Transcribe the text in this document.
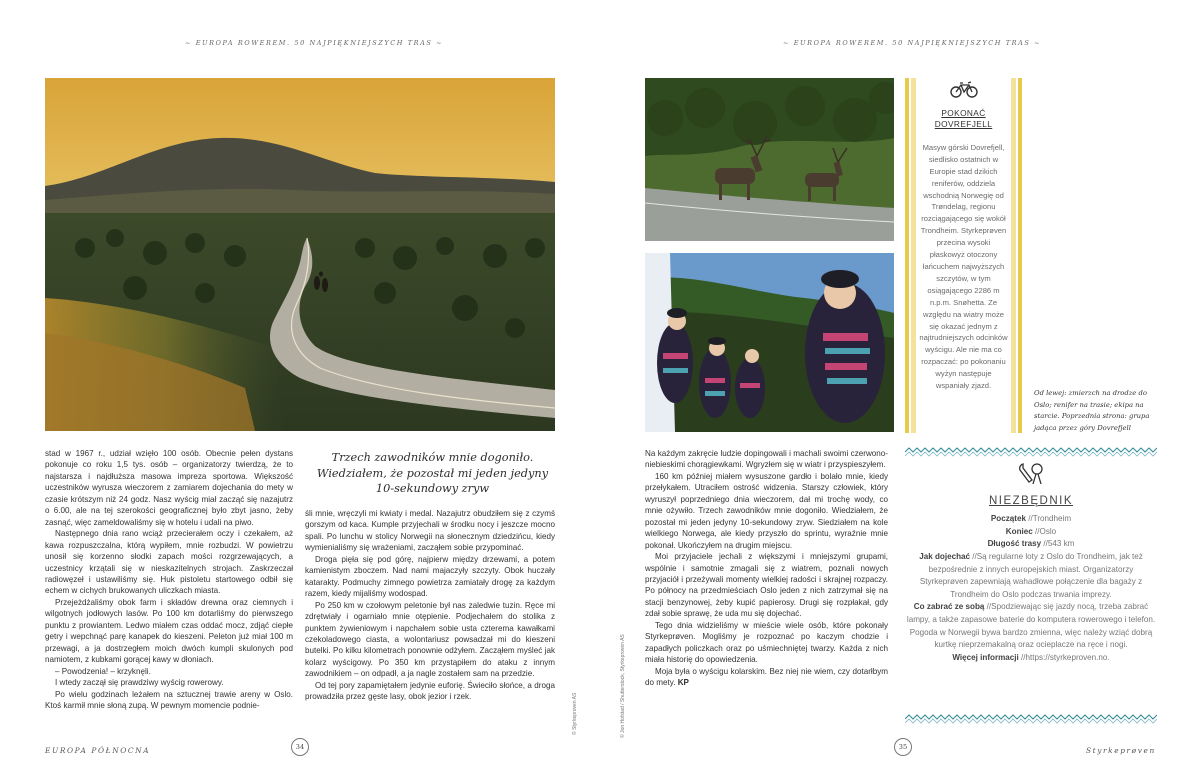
~ EUROPA ROWEREM. 50 NAJPIĘKNIEJSZYCH TRAS ~

stad w 1967 r., udział wzięło 100 osób. Obecnie pełen dystans pokonuje co roku 1,5 tys. osób – organizatorzy twierdzą, że to najstarsza i najdłuższa masowa impreza sportowa. Większość uczestników wyrusza wieczorem z zamiarem dojechania do mety w czasie krótszym niż 24 godz. Nasz wyścig miał zacząć się nazajutrz o 6.00, ale na tej szerokości geograficznej było zbyt jasno, żeby zasnąć, więc zameldowaliśmy się w hotelu i udali na piwo.

Następnego dnia rano wciąż przecierałem oczy i czekałem, aż kawa rozpuszczalna, którą wypiłem, mnie rozbudzi. W powietrzu unosił się korzenno słodki zapach mości rozgrzewających, a uczestnicy krzątali się w nieskazitelnych strojach. Zaskrzeczał radiowęzeł i ustawiliśmy się. Huk pistoletu startowego odbił się echem w cichych brukowanych uliczkach miasta.

Przejeżdżaliśmy obok farm i składów drewna oraz ciemnych i wilgotnych jodłowych lasów. Po 100 km dotarliśmy do pierwszego punktu z prowiantem. Ledwo miałem czas oddać mocz, zdjąć ciepłe getry i wepchnąć parę kanapek do kieszeni. Peleton już miał 100 m przewagi, a ja dostrzegłem moich dwóch kumpli skulonych pod namiotem, z kubkami gorącej kawy w dłoniach.

– Powodzenia! – krzyknęli.

I wtedy zaczął się prawdziwy wyścig rowerowy.

Po wielu godzinach leżałem na sztucznej trawie areny w Oslo. Ktoś karmił mnie słoną zupą. W pewnym momencie podnie-

Trzech zawodników mnie dogoniło. Wiedziałem, że pozostał mi jeden jedyny 10-sekundowy zryw

śli mnie, wręczyli mi kwiaty i medal. Nazajutrz obudziłem się z czymś gorszym od kaca. Kumple przyjechali w środku nocy i jeszcze mocno spali. Po lunchu w stolicy Norwegii na słonecznym dziedzińcu, kiedy wymienialiśmy się wrażeniami, zacząłem sobie przypominać.

Droga pięła się pod górę, najpierw między drzewami, a potem kamienistym zboczem. Nad nami majaczyły szczyty. Obok huczały katarakty. Podmuchy zimnego powietrza zamiatały drogę za każdym razem, kiedy mijaliśmy wodospad.

Po 250 km w czołowym peletonie był nas zaledwie tuzin. Ręce mi zdrętwiały i ogarniało mnie otępienie. Podjechałem do stolika z punktem żywieniowym i napchałem sobie usta czterema kawałkami czekoladowego ciasta, a wolontariusz powsadzał mi do kieszeni butelki. Po kilku kilometrach ponownie odżyłem. Zacząłem myśleć jak kolarz wyścigowy. Po 350 km przystąpiłem do ataku z innym zawodnikiem – on odpadł, a ja nagle zostałem sam na przedzie.

Od tej pory zapamiętałem jedynie euforię. Świeciło słońce, a droga prowadziła przez gęste lasy, obok jezior i rzek.	© Styrkeproven AS
EUROPA PÓŁNOCNA	34
~ EUROPA ROWEREM. 50 NAJPIĘKNIEJSZYCH TRAS ~
POKONAĆ
DOVREFJELL
Masyw górski Dovrefjell, siedlisko ostatnich w Europie stad dzikich reniferów, oddziela wschodnią Norwegię od Trøndelag, regionu rozciągającego się wokół Trondheim. Styrkeprøven przecina wysoki płaskowyż otoczony łańcuchem najwyższych szczytów, w tym osiągającego 2286 m n.p.m. Snøhetta. Ze względu na wiatry może się okazać jednym z najtrudniejszych odcinków wyścigu. Ale nie ma co rozpaczać: po pokonaniu wyżyn następuje wspaniały zjazd.
Od lewej: zmierzch na drodze do Oslo; renifer na trasie; ekipa na starcie. Poprzednia strona: grupa jadąca przez góry Dovrefjell

Na każdym zakręcie ludzie dopingowali i machali swoimi czerwono-niebieskimi chorągiewkami. Wgryzłem się w wiatr i przyspieszyłem.

160 km później miałem wysuszone gardło i bolało mnie, kiedy przełykałem. Utraciłem ostrość widzenia. Starszy człowiek, który wyruszył poprzedniego dnia wieczorem, dał mi trochę wody, co mnie ożywiło. Trzech zawodników mnie dogoniło. Wiedziałem, że pozostał mi jeden jedyny 10-sekundowy zryw. Siedziałem na kole wielkiego Norwega, ale kiedy przyszło do sprintu, wyraźnie mnie pokonał. Ukończyłem na drugim miejscu.

Moi przyjaciele jechali z większymi i mniejszymi grupami, wspólnie i samotnie zmagali się z wiatrem, poznali nowych przyjaciół i przeżywali momenty wielkiej radości i skrajnej rozpaczy. Po północy na przedmieściach Oslo jeden z nich zatrzymał się na stacji benzynowej, żeby kupić papierosy. Drugi się rozpłakał, gdy zdał sobie sprawę, że uda mu się dojechać.

Tego dnia widzieliśmy w mieście wiele osób, które pokonały Styrkeprøven. Mogliśmy je rozpoznać po kaczym chodzie i zapadłych policzkach oraz po uśmiechniętej twarzy. Każda z nich miała historię do opowiedzenia.

Moja była o wyścigu kolarskim. Bez niej nie wiem, czy dotarłbym do mety. KP

© Jon Hofstad / Shutterstock, Styrkeproven AS
NIEZBĘDNIK
Początek //Trondheim
Koniec //Oslo
Długość trasy //543 km
Jak dojechać //Są regularne loty z Oslo do Trondheim, jak też bezpośrednie z innych europejskich miast. Organizatorzy Styrkeprøven zapewniają wahadłowe połączenie dla bagaży z Trondheim do Oslo podczas trwania imprezy.
Co zabrać ze sobą //Spodziewając się jazdy nocą, trzeba zabrać lampy, a także zapasowe baterie do komputera rowerowego i telefon. Pogoda w Norwegii bywa bardzo zmienna, więc należy wziąć dobrą kurtkę nieprzemakalną oraz ocieplacze na ręce i nogi.
Więcej informacji //https://styrkeproven.no.
35	Styrkeprøven
